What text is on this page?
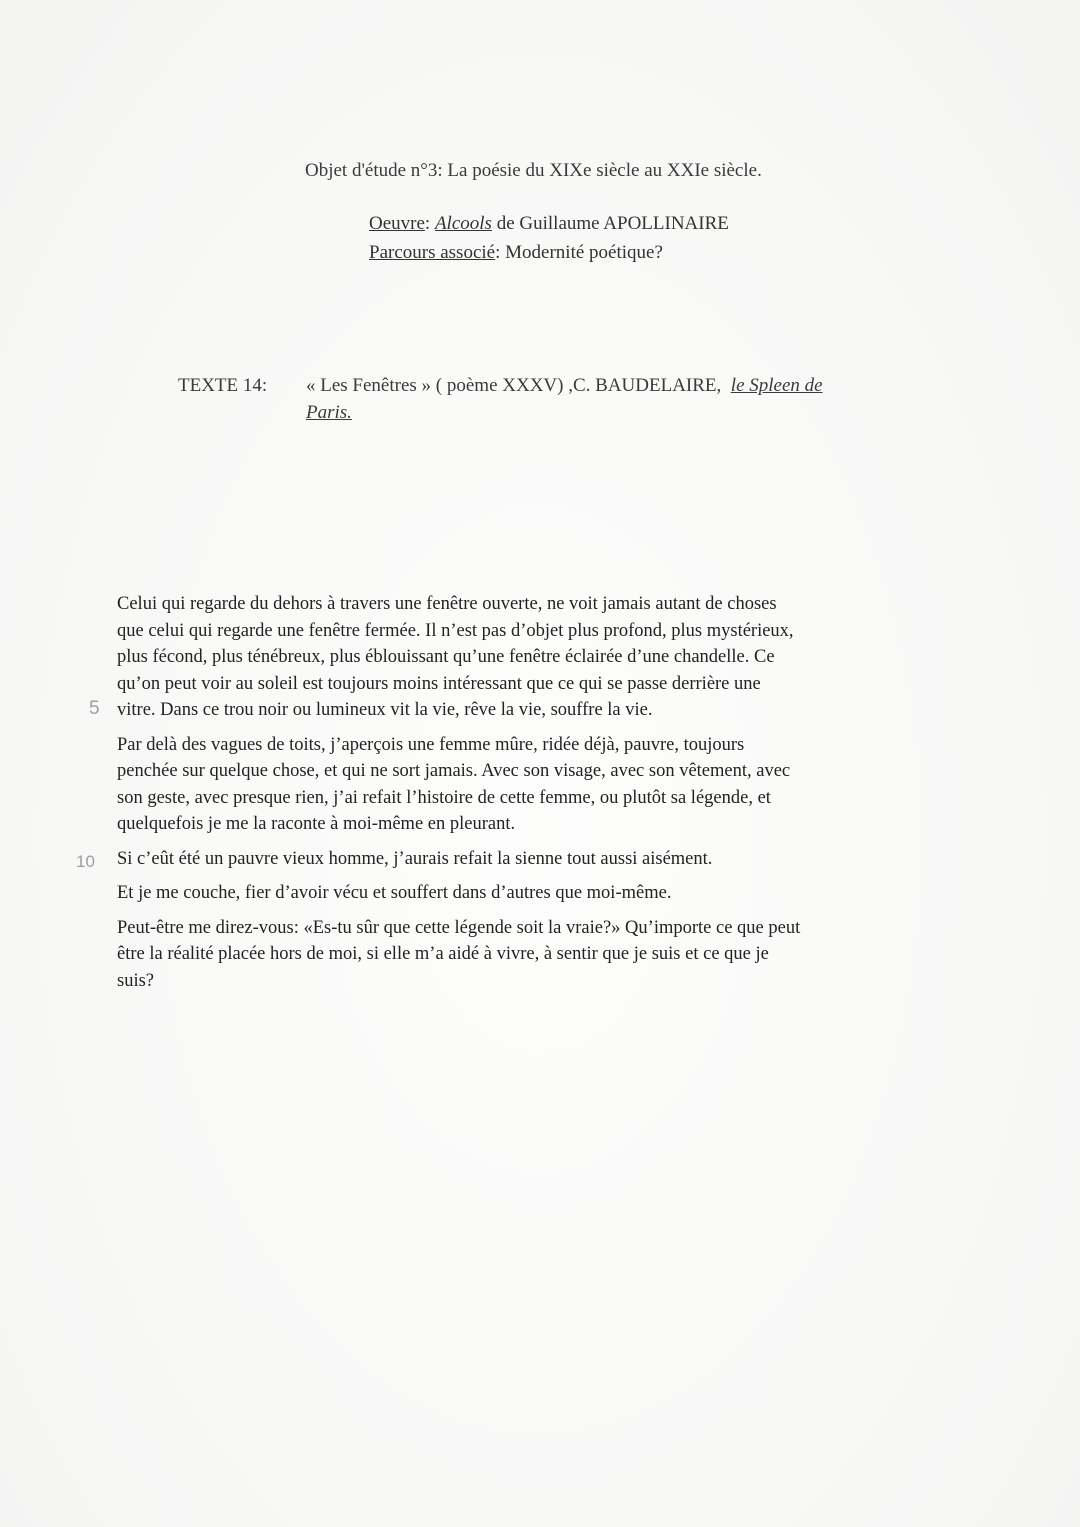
Objet d'étude n°3: La poésie du XIXe siècle au XXIe siècle.
Oeuvre: Alcools de Guillaume APOLLINAIRE
Parcours associé: Modernité poétique?
TEXTE 14: « Les Fenêtres » ( poème XXXV) ,C. BAUDELAIRE,  le Spleen de
Paris.
5
10

Celui qui regarde du dehors à travers une fenêtre ouverte, ne voit jamais autant de choses
que celui qui regarde une fenêtre fermée. Il n’est pas d’objet plus profond, plus mystérieux,
plus fécond, plus ténébreux, plus éblouissant qu’une fenêtre éclairée d’une chandelle. Ce
qu’on peut voir au soleil est toujours moins intéressant que ce qui se passe derrière une
vitre. Dans ce trou noir ou lumineux vit la vie, rêve la vie, souffre la vie.

Par delà des vagues de toits, j’aperçois une femme mûre, ridée déjà, pauvre, toujours
penchée sur quelque chose, et qui ne sort jamais. Avec son visage, avec son vêtement, avec
son geste, avec presque rien, j’ai refait l’histoire de cette femme, ou plutôt sa légende, et
quelquefois je me la raconte à moi-même en pleurant.

Si c’eût été un pauvre vieux homme, j’aurais refait la sienne tout aussi aisément.

Et je me couche, fier d’avoir vécu et souffert dans d’autres que moi-même.

Peut-être me direz-vous: «Es-tu sûr que cette légende soit la vraie?» Qu’importe ce que peut
être la réalité placée hors de moi, si elle m’a aidé à vivre, à sentir que je suis et ce que je
suis?
